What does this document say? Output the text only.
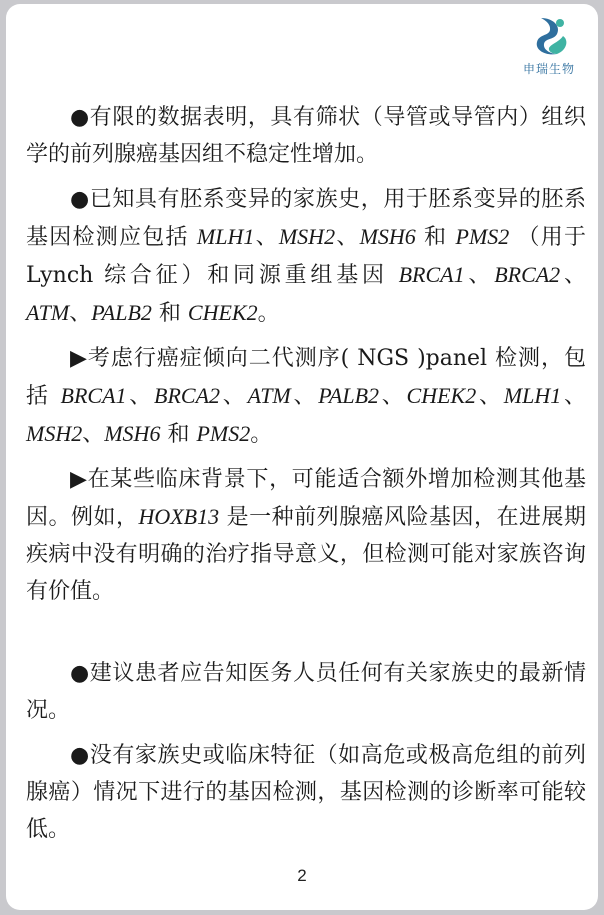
申瑞生物

●有限的数据表明，具有筛状（导管或导管内）组织学的前列腺癌基因组不稳定性增加。

●已知具有胚系变异的家族史，用于胚系变异的胚系基因检测应包括 MLH1、MSH2、MSH6 和 PMS2 （用于 Lynch 综合征）和同源重组基因 BRCA1、BRCA2、ATM、PALB2 和 CHEK2。

▶考虑行癌症倾向二代测序( NGS )panel 检测，包括 BRCA1、BRCA2、ATM、PALB2、CHEK2、MLH1、MSH2、MSH6 和 PMS2。

▶在某些临床背景下，可能适合额外增加检测其他基因。例如，HOXB13 是一种前列腺癌风险基因，在进展期疾病中没有明确的治疗指导意义，但检测可能对家族咨询有价值。

●建议患者应告知医务人员任何有关家族史的最新情况。

●没有家族史或临床特征（如高危或极高危组的前列腺癌）情况下进行的基因检测，基因检测的诊断率可能较低。

2
